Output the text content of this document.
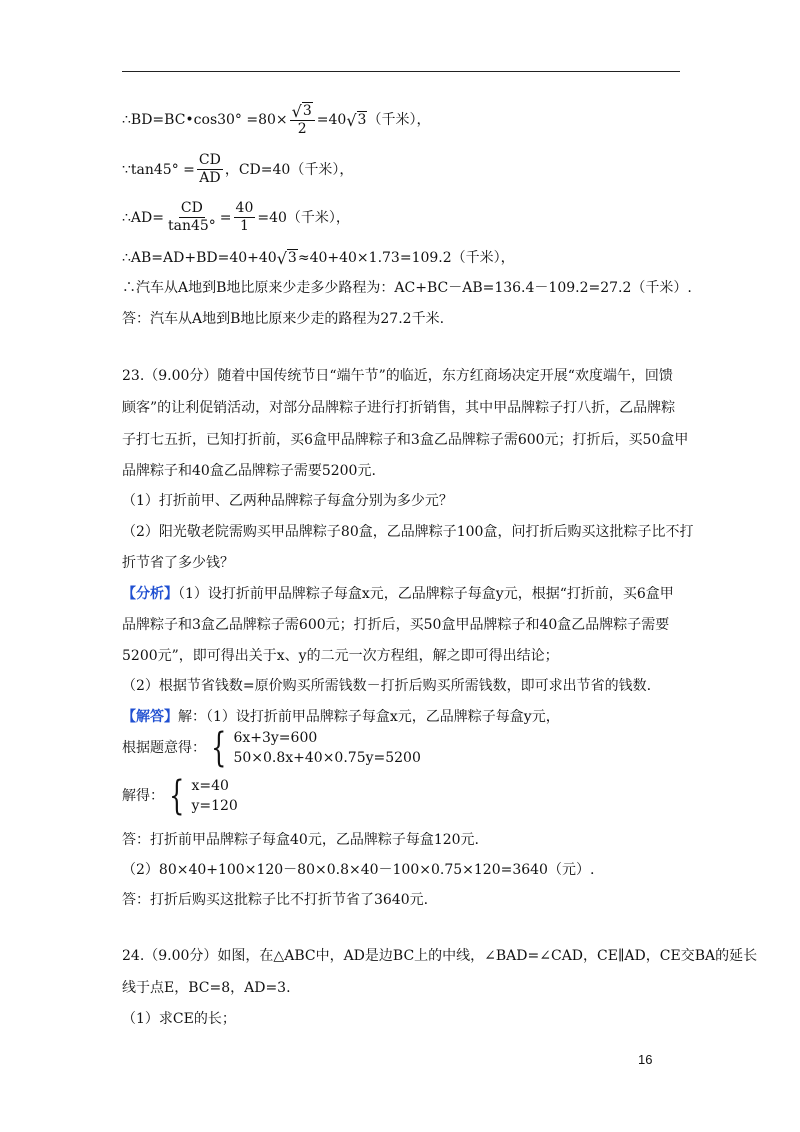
∴BD=BC•cos30° $=80\times \frac{√ 3}{2} =40$ √ 3 （千米），
∵tan45° = $\frac{CD}{AD}$ ，CD=40（千米），
∴AD= $\frac{CD}{\tan 45^\circ} = \frac{40}{1} =40$（千米），
∴AB=AD+BD=40+40 √ 3 ≈40+40×1.73=109.2（千米），
∴汽车从A地到B地比原来少走多少路程为：AC+BC－AB=136.4－109.2=27.2（千米）.
答：汽车从A地到B地比原来少走的路程为27.2千米.
23.（9.00分）随着中国传统节日“端午节”的临近，东方红商场决定开展“欢度端午，回馈
顾客”的让利促销活动，对部分品牌粽子进行打折销售，其中甲品牌粽子打八折，乙品牌粽
子打七五折，已知打折前，买6盒甲品牌粽子和3盒乙品牌粽子需600元；打折后，买50盒甲
品牌粽子和40盒乙品牌粽子需要5200元.
（1）打折前甲、乙两种品牌粽子每盒分别为多少元？
（2）阳光敬老院需购买甲品牌粽子80盒，乙品牌粽子100盒，问打折后购买这批粽子比不打
折节省了多少钱？
【分析】（1）设打折前甲品牌粽子每盒x元，乙品牌粽子每盒y元，根据“打折前，买6盒甲
品牌粽子和3盒乙品牌粽子需600元；打折后，买50盒甲品牌粽子和40盒乙品牌粽子需要
5200元”，即可得出关于x、y的二元一次方程组，解之即可得出结论；
（2）根据节省钱数=原价购买所需钱数－打折后购买所需钱数，即可求出节省的钱数.
【解答】解：（1）设打折前甲品牌粽子每盒x元，乙品牌粽子每盒y元，
根据题意得： { 6x+3y=600
50×0.8x+40×0.75y=5200
解得： { x=40
y=120
答：打折前甲品牌粽子每盒40元，乙品牌粽子每盒120元.
（2）80×40+100×120－80×0.8×40－100×0.75×120=3640（元）.
答：打折后购买这批粽子比不打折节省了3640元.
24.（9.00分）如图，在△ABC中，AD是边BC上的中线，∠BAD=∠CAD，CE∥AD，CE交BA的延长
线于点E，BC=8，AD=3.
（1）求CE的长；
16
